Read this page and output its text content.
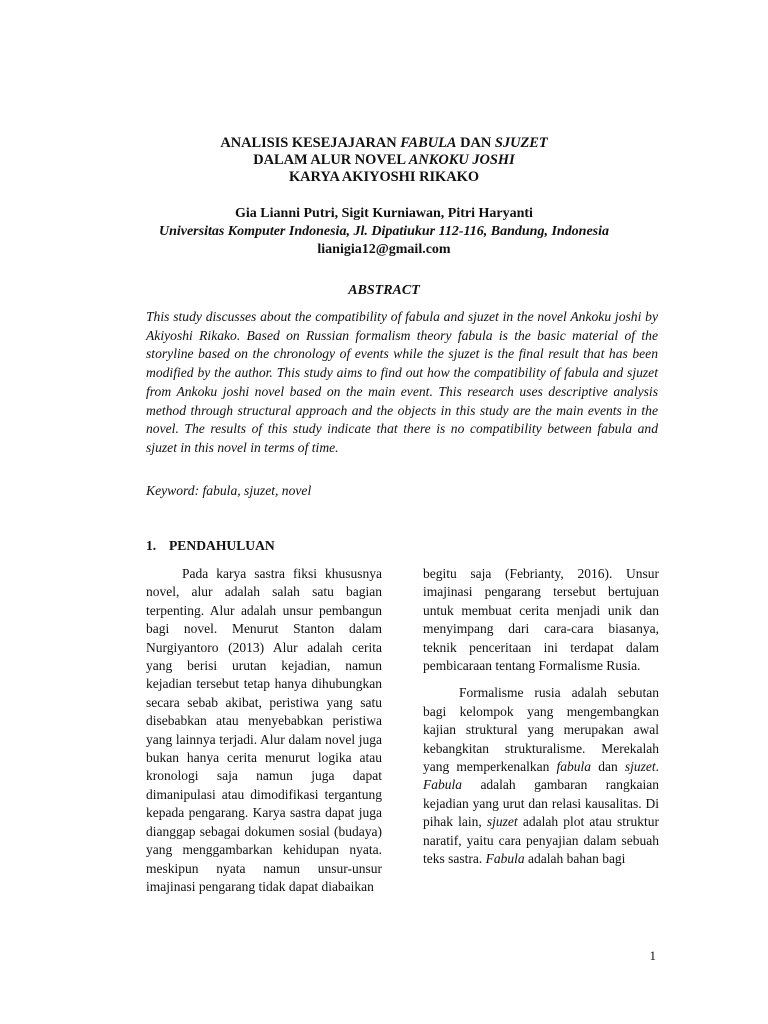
ANALISIS KESEJAJARAN FABULA DAN SJUZET
DALAM ALUR NOVEL ANKOKU JOSHI
KARYA AKIYOSHI RIKAKO
Gia Lianni Putri, Sigit Kurniawan, Pitri Haryanti
Universitas Komputer Indonesia, Jl. Dipatiukur 112-116, Bandung, Indonesia
lianigia12@gmail.com
ABSTRACT
This study discusses about the compatibility of fabula and sjuzet in the novel Ankoku joshi by Akiyoshi Rikako. Based on Russian formalism theory fabula is the basic material of the storyline based on the chronology of events while the sjuzet is the final result that has been modified by the author. This study aims to find out how the compatibility of fabula and sjuzet from Ankoku joshi novel based on the main event. This research uses descriptive analysis method through structural approach and the objects in this study are the main events in the novel. The results of this study indicate that there is no compatibility between fabula and sjuzet in this novel in terms of time.
Keyword: fabula, sjuzet, novel
1. PENDAHULUAN

Pada karya sastra fiksi khususnya novel, alur adalah salah satu bagian terpenting. Alur adalah unsur pembangun bagi novel. Menurut Stanton dalam Nurgiyantoro (2013) Alur adalah cerita yang berisi urutan kejadian, namun kejadian tersebut tetap hanya dihubungkan secara sebab akibat, peristiwa yang satu disebabkan atau menyebabkan peristiwa yang lainnya terjadi. Alur dalam novel juga bukan hanya cerita menurut logika atau kronologi saja namun juga dapat dimanipulasi atau dimodifikasi tergantung kepada pengarang. Karya sastra dapat juga dianggap sebagai dokumen sosial (budaya) yang menggambarkan kehidupan nyata. meskipun nyata namun unsur-unsur imajinasi pengarang tidak dapat diabaikan

begitu saja (Febrianty, 2016). Unsur imajinasi pengarang tersebut bertujuan untuk membuat cerita menjadi unik dan menyimpang dari cara-cara biasanya, teknik penceritaan ini terdapat dalam pembicaraan tentang Formalisme Rusia.

Formalisme rusia adalah sebutan bagi kelompok yang mengembangkan kajian struktural yang merupakan awal kebangkitan strukturalisme. Merekalah yang memperkenalkan fabula dan sjuzet. Fabula adalah gambaran rangkaian kejadian yang urut dan relasi kausalitas. Di pihak lain, sjuzet adalah plot atau struktur naratif, yaitu cara penyajian dalam sebuah teks sastra. Fabula adalah bahan bagi

1
